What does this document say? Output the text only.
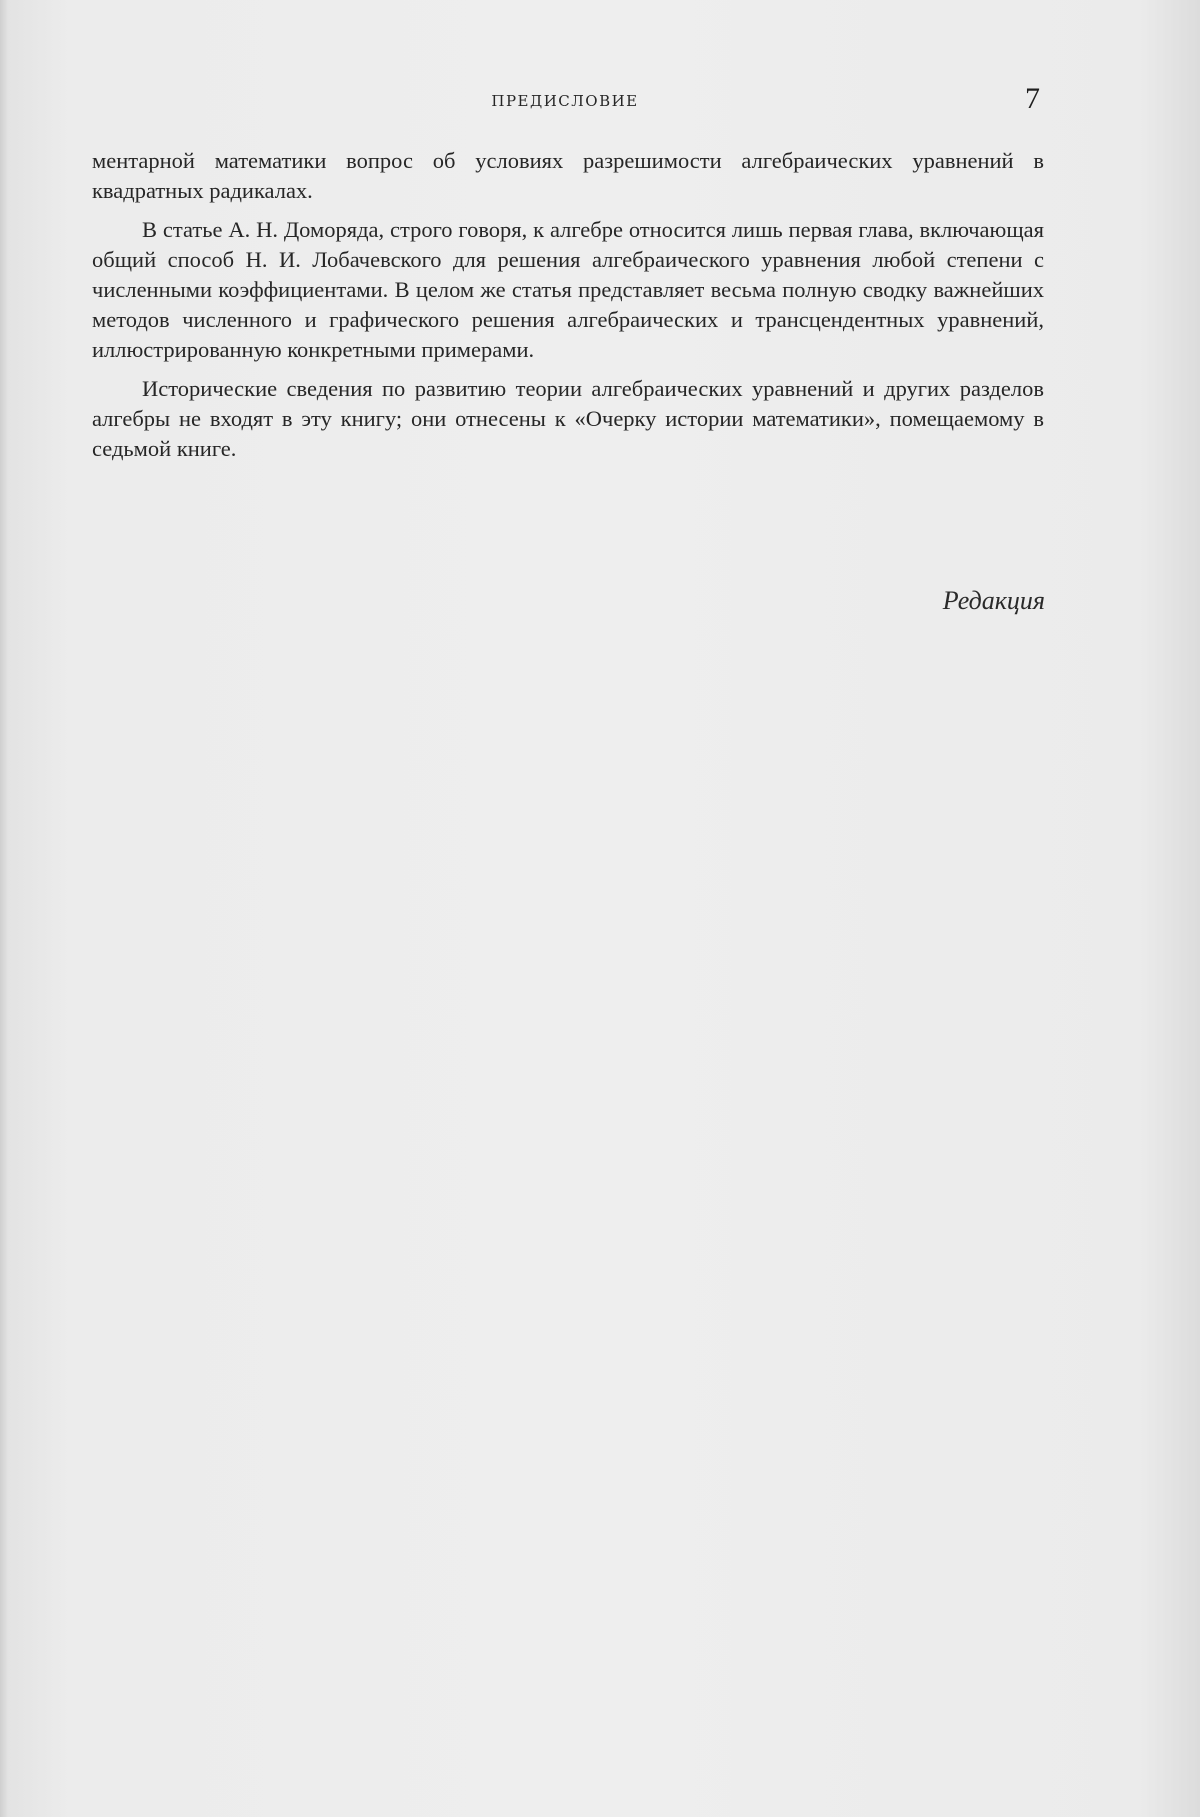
ПРЕДИСЛОВИЕ	7

ментарной математики вопрос об условиях разрешимости алгебраических уравнений в квадратных радикалах.

В статье А. Н. Доморяда, строго говоря, к алгебре относится лишь первая глава, включающая общий способ Н. И. Лобачевского для решения алгебраического уравнения любой степени с численными коэффициентами. В целом же статья представляет весьма полную сводку важнейших методов численного и графического решения алгебраических и трансцендентных уравнений, иллюстрированную конкретными примерами.

Исторические сведения по развитию теории алгебраических уравнений и других разделов алгебры не входят в эту книгу; они отнесены к «Очерку истории математики», помещаемому в седьмой книге.

Редакция
